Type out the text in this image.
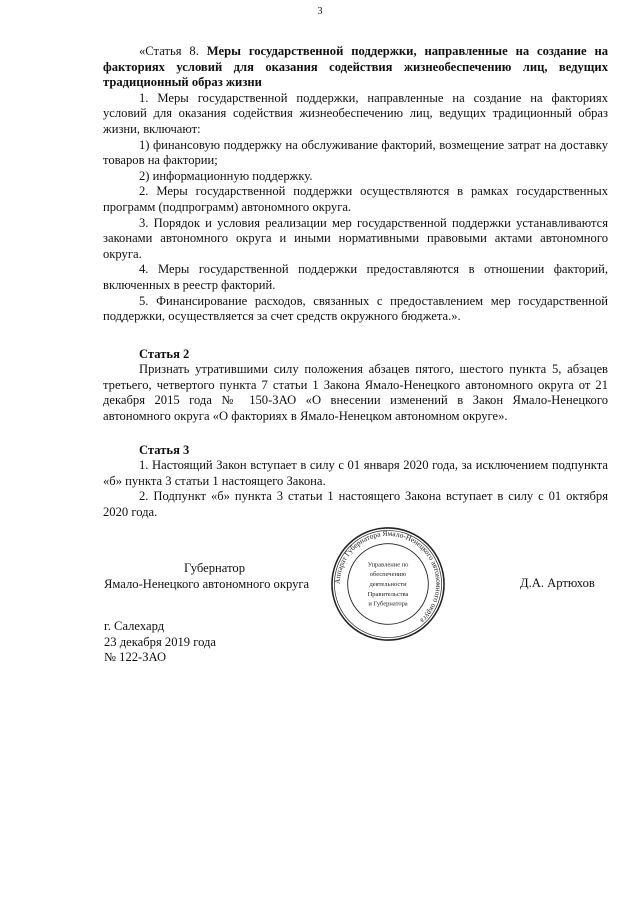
3

«Статья 8. Меры государственной поддержки, направленные на создание на факториях условий для оказания содействия жизнеобеспечению лиц, ведущих традиционный образ жизни

1. Меры государственной поддержки, направленные на создание на факториях условий для оказания содействия жизнеобеспечению лиц, ведущих традиционный образ жизни, включают:

1) финансовую поддержку на обслуживание факторий, возмещение затрат на доставку товаров на фактории;

2) информационную поддержку.

2. Меры государственной поддержки осуществляются в рамках государственных программ (подпрограмм) автономного округа.

3. Порядок и условия реализации мер государственной поддержки устанавливаются законами автономного округа и иными нормативными правовыми актами автономного округа.

4. Меры государственной поддержки предоставляются в отношении факторий, включенных в реестр факторий.

5. Финансирование расходов, связанных с предоставлением мер государственной поддержки, осуществляется за счет средств окружного бюджета.».

Статья 2

Признать утратившими силу положения абзацев пятого, шестого пункта 5, абзацев третьего, четвертого пункта 7 статьи 1 Закона Ямало-Ненецкого автономного округа от 21 декабря 2015 года № 150-ЗАО «О внесении изменений в Закон Ямало-Ненецкого автономного округа «О факториях в Ямало-Ненецком автономном округе».

Статья 3

1. Настоящий Закон вступает в силу с 01 января 2020 года, за исключением подпункта «б» пункта 3 статьи 1 настоящего Закона.

2. Подпункт «б» пункта 3 статьи 1 настоящего Закона вступает в силу с 01 октября 2020 года.

Губернатор
Ямало-Ненецкого автономного округа	Аппарат Губернатора Ямало-Ненецкого автономного округа
Управление по
обеспечению
деятельности
Правительства
и Губернатора
Д.А. Артюхов
г. Салехард
23 декабря 2019 года
№ 122-ЗАО
